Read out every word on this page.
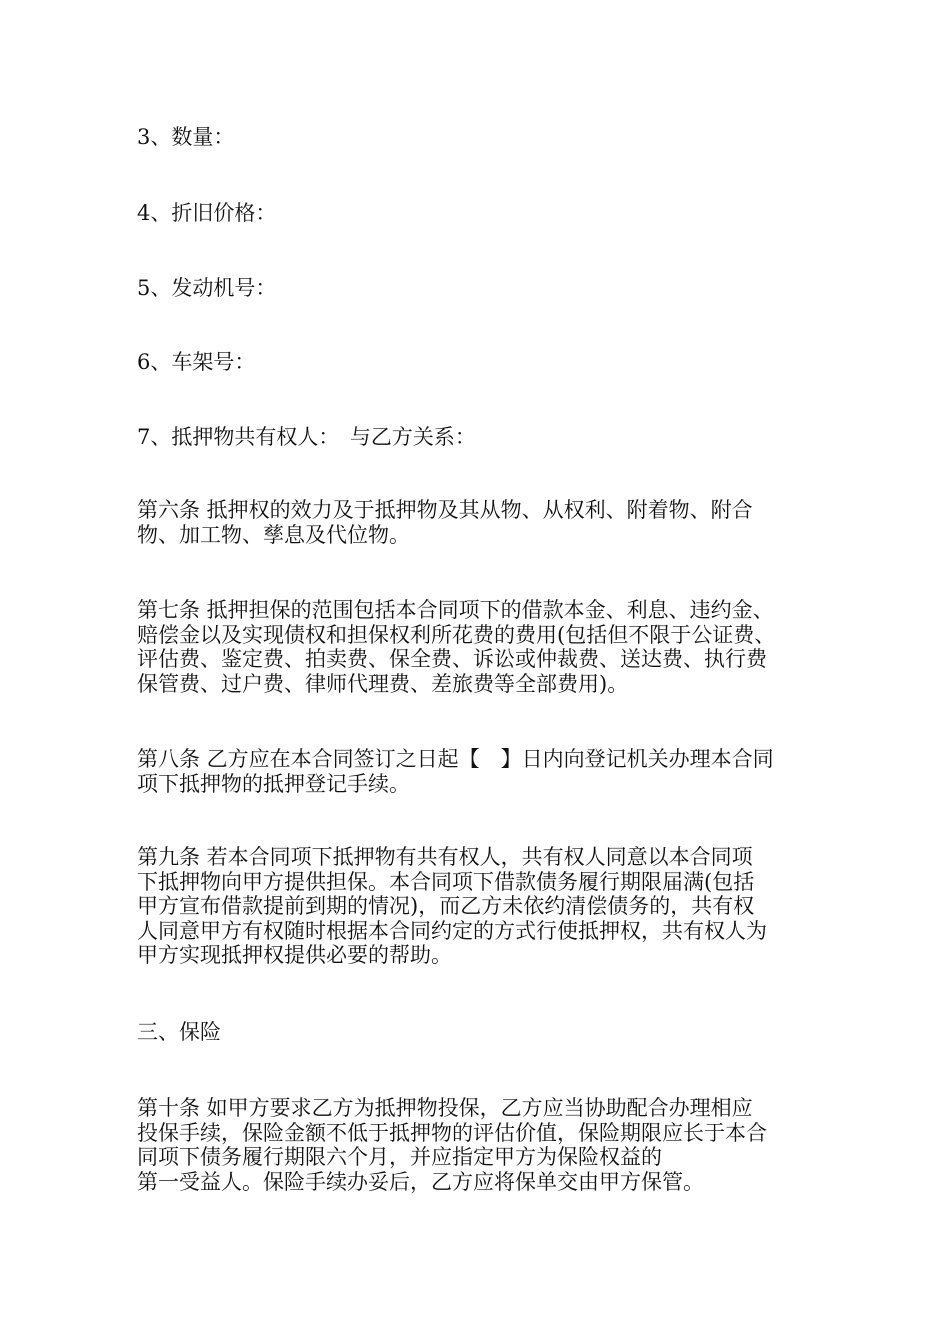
3、数量：

4、折旧价格：

5、发动机号：

6、车架号：

7、抵押物共有权人：　与乙方关系：

第六条 抵押权的效力及于抵押物及其从物、从权利、附着物、附合
物、加工物、孳息及代位物。
第七条 抵押担保的范围包括本合同项下的借款本金、利息、违约金、
赔偿金以及实现债权和担保权利所花费的费用(包括但不限于公证费、
评估费、鉴定费、拍卖费、保全费、诉讼或仲裁费、送达费、执行费
保管费、过户费、律师代理费、差旅费等全部费用)。
第八条 乙方应在本合同签订之日起【　】日内向登记机关办理本合同
项下抵押物的抵押登记手续。
第九条 若本合同项下抵押物有共有权人，共有权人同意以本合同项
下抵押物向甲方提供担保。本合同项下借款债务履行期限届满(包括
甲方宣布借款提前到期的情况)，而乙方未依约清偿债务的，共有权
人同意甲方有权随时根据本合同约定的方式行使抵押权，共有权人为
甲方实现抵押权提供必要的帮助。

三、保险

第十条 如甲方要求乙方为抵押物投保，乙方应当协助配合办理相应
投保手续，保险金额不低于抵押物的评估价值，保险期限应长于本合
同项下债务履行期限六个月，并应指定甲方为保险权益的
第一受益人。保险手续办妥后，乙方应将保单交由甲方保管。
